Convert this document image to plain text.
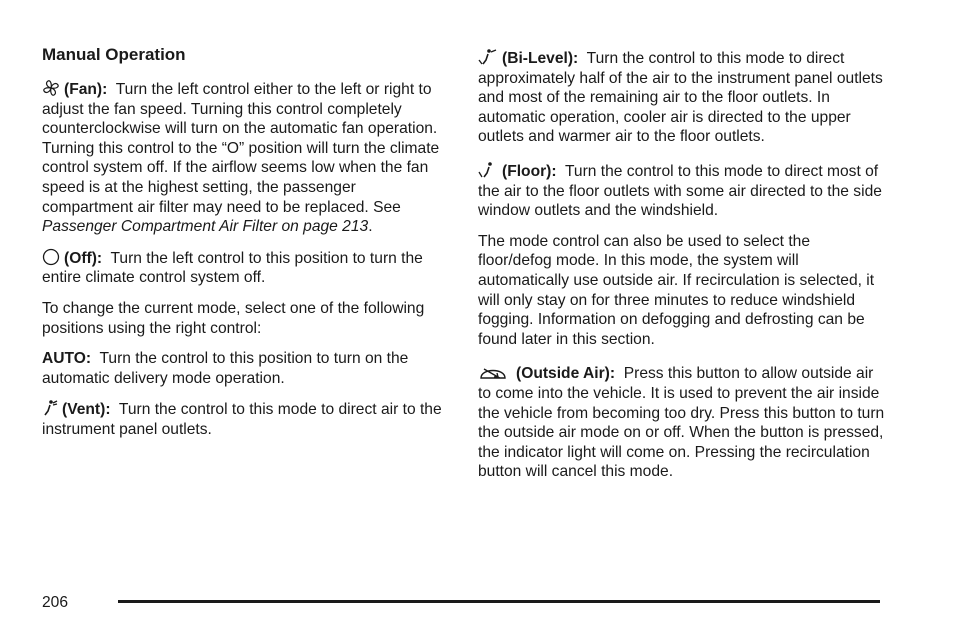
Manual Operation

(Fan): Turn the left control either to the left or right to adjust the fan speed. Turning this control completely counterclockwise will turn on the automatic fan operation. Turning this control to the “O” position will turn the climate control system off. If the airflow seems low when the fan speed is at the highest setting, the passenger compartment air filter may need to be replaced. See Passenger Compartment Air Filter on page 213.

(Off): Turn the left control to this position to turn the entire climate control system off.

To change the current mode, select one of the following positions using the right control:

AUTO: Turn the control to this position to turn on the automatic delivery mode operation.

(Vent): Turn the control to this mode to direct air to the instrument panel outlets.

(Bi-Level): Turn the control to this mode to direct approximately half of the air to the instrument panel outlets and most of the remaining air to the floor outlets. In automatic operation, cooler air is directed to the upper outlets and warmer air to the floor outlets.

(Floor): Turn the control to this mode to direct most of the air to the floor outlets with some air directed to the side window outlets and the windshield.

The mode control can also be used to select the floor/defog mode. In this mode, the system will automatically use outside air. If recirculation is selected, it will only stay on for three minutes to reduce windshield fogging. Information on defogging and defrosting can be found later in this section.

(Outside Air): Press this button to allow outside air to come into the vehicle. It is used to prevent the air inside the vehicle from becoming too dry. Press this button to turn the outside air mode on or off. When the button is pressed, the indicator light will come on. Pressing the recirculation button will cancel this mode.

206
